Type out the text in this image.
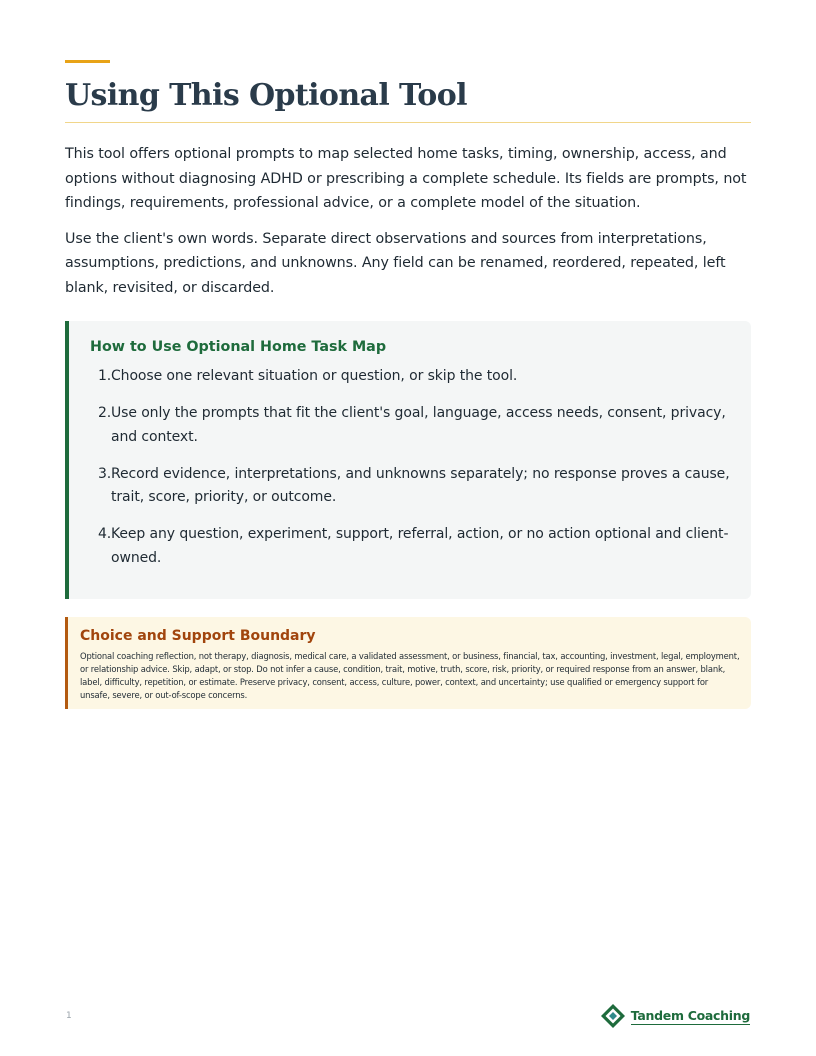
Using This Optional Tool

This tool offers optional prompts to map selected home tasks, timing, ownership, access, and options without diagnosing ADHD or prescribing a complete schedule. Its fields are prompts, not findings, requirements, professional advice, or a complete model of the situation.

Use the client's own words. Separate direct observations and sources from interpretations, assumptions, predictions, and unknowns. Any field can be renamed, reordered, repeated, left blank, revisited, or discarded.

How to Use Optional Home Task Map
1. Choose one relevant situation or question, or skip the tool.
2. Use only the prompts that fit the client's goal, language, access needs, consent, privacy, and context.
3. Record evidence, interpretations, and unknowns separately; no response proves a cause, trait, score, priority, or outcome.
4. Keep any question, experiment, support, referral, action, or no action optional and client-owned.
Choice and Support Boundary

Optional coaching reflection, not therapy, diagnosis, medical care, a validated assessment, or business, financial, tax, accounting, investment, legal, employment, or relationship advice. Skip, adapt, or stop. Do not infer a cause, condition, trait, motive, truth, score, risk, priority, or required response from an answer, blank, label, difficulty, repetition, or estimate. Preserve privacy, consent, access, culture, power, context, and uncertainty; use qualified or emergency support for unsafe, severe, or out-of-scope concerns.

1	Tandem Coaching
